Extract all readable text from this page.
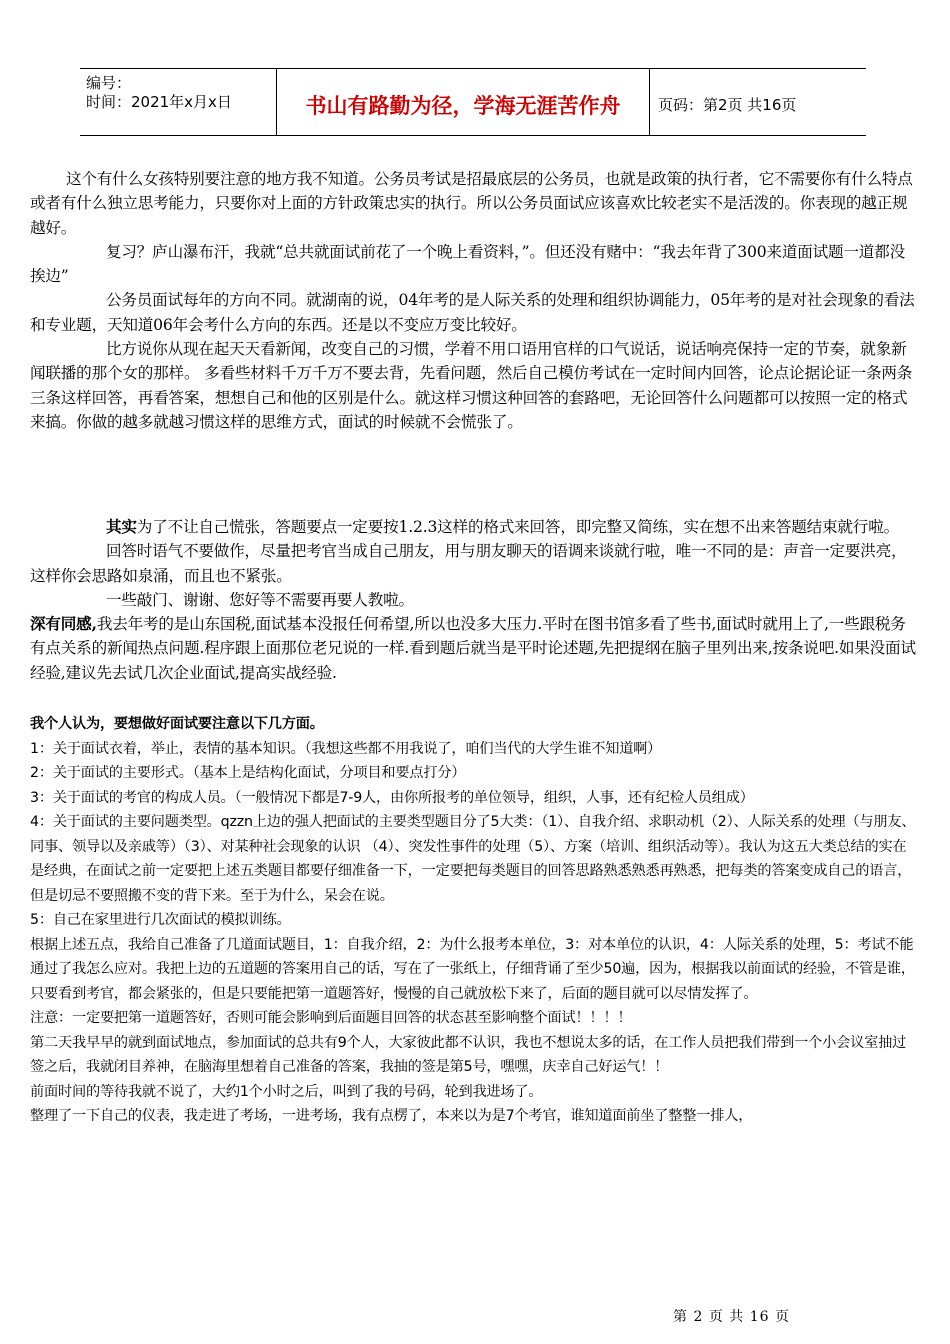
编号：
时间：2021年x月x日	书山有路勤为径，学海无涯苦作舟	页码：第2页 共16页

这个有什么女孩特别要注意的地方我不知道。公务员考试是招最底层的公务员，也就是政策的执行者，它不需要你有什么特点或者有什么独立思考能力，只要你对上面的方针政策忠实的执行。所以公务员面试应该喜欢比较老实不是活泼的。你表现的越正规越好。

复习？庐山瀑布汗，我就“总共就面试前花了一个晚上看资料，”。但还没有赌中：“我去年背了300来道面试题一道都没挨边”

公务员面试每年的方向不同。就湖南的说，04年考的是人际关系的处理和组织协调能力，05年考的是对社会现象的看法和专业题，天知道06年会考什么方向的东西。还是以不变应万变比较好。

比方说你从现在起天天看新闻，改变自己的习惯，学着不用口语用官样的口气说话，说话响亮保持一定的节奏，就象新闻联播的那个女的那样。 多看些材料千万千万不要去背，先看问题，然后自己模仿考试在一定时间内回答，论点论据论证一条两条三条这样回答，再看答案，想想自己和他的区别是什么。就这样习惯这种回答的套路吧，无论回答什么问题都可以按照一定的格式来搞。你做的越多就越习惯这样的思维方式，面试的时候就不会慌张了。

其实为了不让自己慌张，答题要点一定要按1.2.3这样的格式来回答，即完整又简练，实在想不出来答题结束就行啦。

回答时语气不要做作，尽量把考官当成自己朋友，用与朋友聊天的语调来谈就行啦，唯一不同的是：声音一定要洪亮，这样你会思路如泉涌，而且也不紧张。

一些敲门、谢谢、您好等不需要再要人教啦。

深有同感,我去年考的是山东国税,面试基本没报任何希望,所以也没多大压力.平时在图书馆多看了些书,面试时就用上了,一些跟税务有点关系的新闻热点问题.程序跟上面那位老兄说的一样.看到题后就当是平时论述题,先把提纲在脑子里列出来,按条说吧.如果没面试经验,建议先去试几次企业面试,提高实战经验.

我个人认为，要想做好面试要注意以下几方面。

1：关于面试衣着，举止，表情的基本知识。（我想这些都不用我说了，咱们当代的大学生谁不知道啊）

2：关于面试的主要形式。（基本上是结构化面试，分项目和要点打分）

3：关于面试的考官的构成人员。（一般情况下都是7-9人，由你所报考的单位领导，组织，人事，还有纪检人员组成）

4：关于面试的主要问题类型。qzzn上边的强人把面试的主要类型题目分了5大类：（1）、自我介绍、求职动机（2）、人际关系的处理（与朋友、同事、领导以及亲戚等）（3）、对某种社会现象的认识 （4）、突发性事件的处理（5）、方案（培训、组织活动等）。我认为这五大类总结的实在是经典，在面试之前一定要把上述五类题目都要仔细准备一下，一定要把每类题目的回答思路熟悉熟悉再熟悉，把每类的答案变成自己的语言，但是切忌不要照搬不变的背下来。至于为什么，呆会在说。

5：自己在家里进行几次面试的模拟训练。

根据上述五点，我给自己准备了几道面试题目，1：自我介绍，2：为什么报考本单位，3：对本单位的认识，4：人际关系的处理，5：考试不能通过了我怎么应对。我把上边的五道题的答案用自己的话，写在了一张纸上，仔细背诵了至少50遍，因为，根据我以前面试的经验，不管是谁，只要看到考官，都会紧张的，但是只要能把第一道题答好，慢慢的自己就放松下来了，后面的题目就可以尽情发挥了。

注意：一定要把第一道题答好，否则可能会影响到后面题目回答的状态甚至影响整个面试！！！！

第二天我早早的就到面试地点，参加面试的总共有9个人，大家彼此都不认识，我也不想说太多的话，在工作人员把我们带到一个小会议室抽过签之后，我就闭目养神，在脑海里想着自己准备的答案，我抽的签是第5号，嘿嘿，庆幸自己好运气！！

前面时间的等待我就不说了，大约1个小时之后，叫到了我的号码，轮到我进场了。

整理了一下自己的仪表，我走进了考场，一进考场，我有点楞了，本来以为是7个考官，谁知道面前坐了整整一排人，

第 2 页 共 16 页
